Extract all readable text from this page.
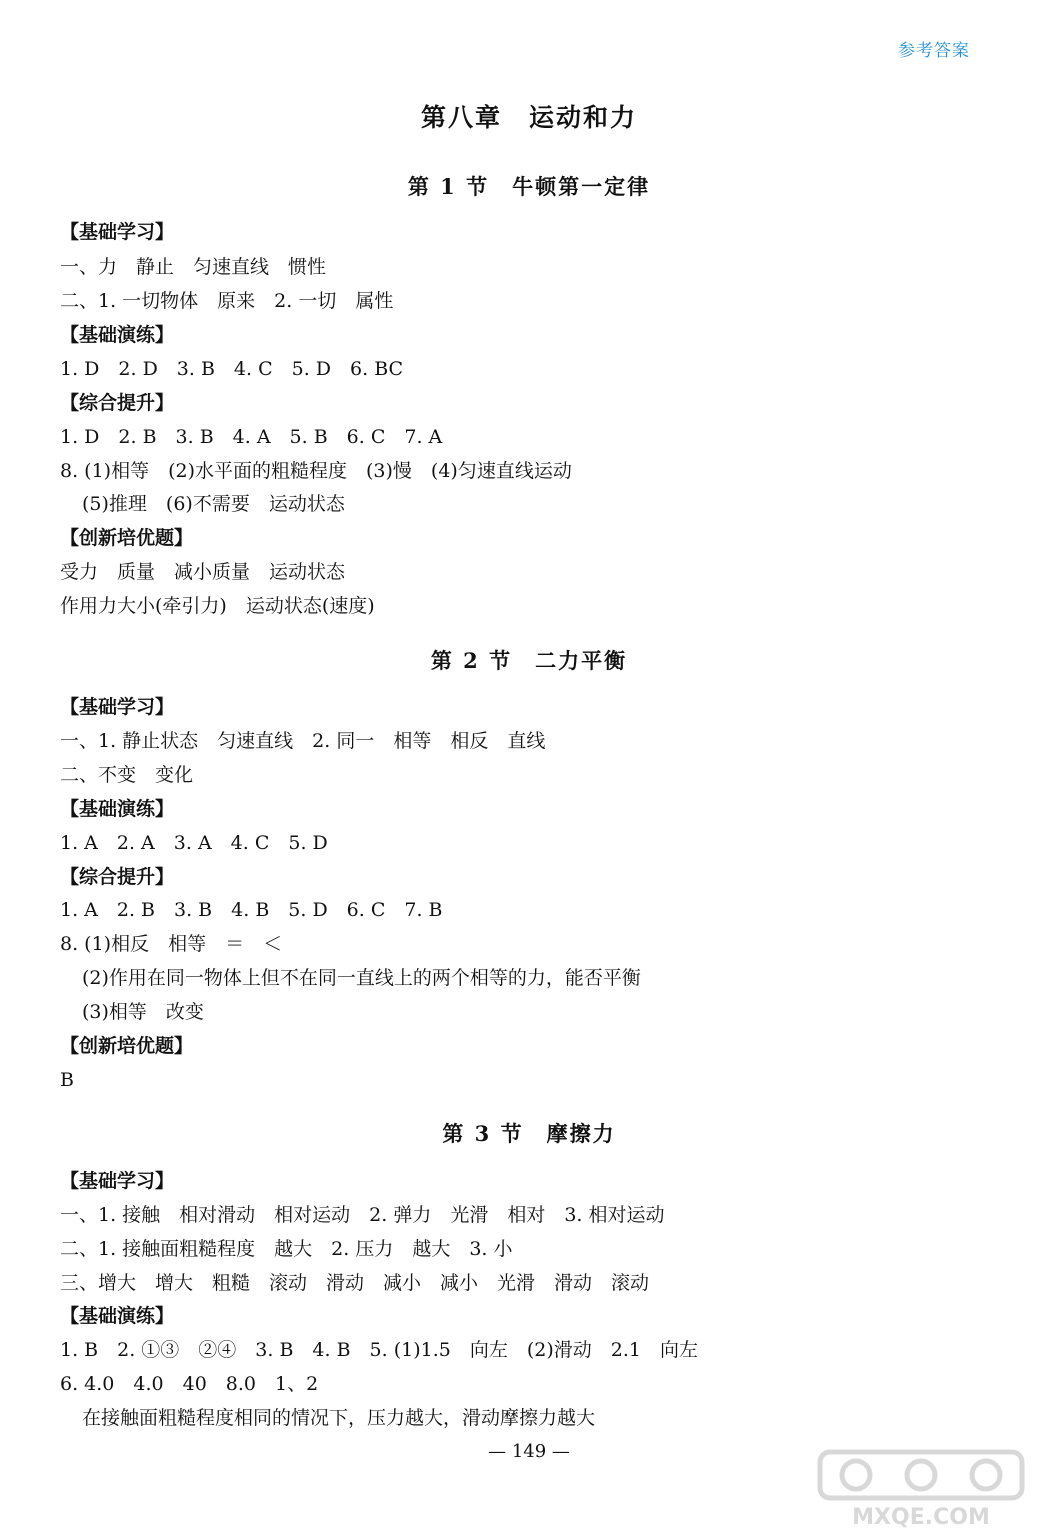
参考答案
第八章　运动和力
第 1 节　牛顿第一定律
【基础学习】
一、力　静止　匀速直线　惯性
二、1. 一切物体　原来　2. 一切　属性
【基础演练】
1. D　2. D　3. B　4. C　5. D　6. BC
【综合提升】
1. D　2. B　3. B　4. A　5. B　6. C　7. A
8. (1)相等　(2)水平面的粗糙程度　(3)慢　(4)匀速直线运动
(5)推理　(6)不需要　运动状态
【创新培优题】
受力　质量　减小质量　运动状态
作用力大小(牵引力)　运动状态(速度)
第 2 节　二力平衡
【基础学习】
一、1. 静止状态　匀速直线　2. 同一　相等　相反　直线
二、不变　变化
【基础演练】
1. A　2. A　3. A　4. C　5. D
【综合提升】
1. A　2. B　3. B　4. B　5. D　6. C　7. B
8. (1)相反　相等　＝　＜
(2)作用在同一物体上但不在同一直线上的两个相等的力，能否平衡
(3)相等　改变
【创新培优题】
B
第 3 节　摩擦力
【基础学习】
一、1. 接触　相对滑动　相对运动　2. 弹力　光滑　相对　3. 相对运动
二、1. 接触面粗糙程度　越大　2. 压力　越大　3. 小
三、增大　增大　粗糙　滚动　滑动　减小　减小　光滑　滑动　滚动
【基础演练】
1. B　2. ①③　②④　3. B　4. B　5. (1)1.5　向左　(2)滑动　2.1　向左
6. 4.0　4.0　40　8.0　1、2
在接触面粗糙程度相同的情况下，压力越大，滑动摩擦力越大
— 149 —
MXQE.COM
